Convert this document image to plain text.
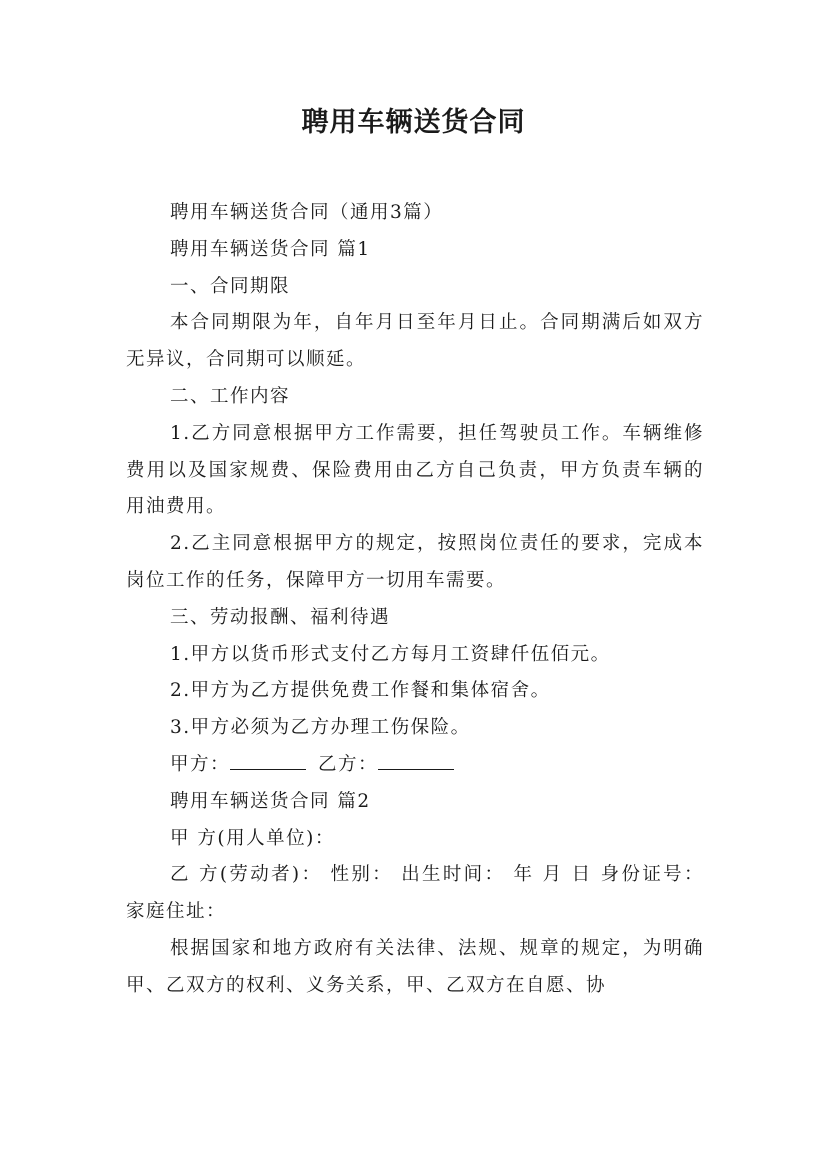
聘用车辆送货合同

聘用车辆送货合同（通用3篇）

聘用车辆送货合同 篇1

一、合同期限

本合同期限为年，自年月日至年月日止。合同期满后如双方无异议，合同期可以顺延。

二、工作内容

1.乙方同意根据甲方工作需要，担任驾驶员工作。车辆维修费用以及国家规费、保险费用由乙方自己负责，甲方负责车辆的用油费用。

2.乙主同意根据甲方的规定，按照岗位责任的要求，完成本岗位工作的任务，保障甲方一切用车需要。

三、劳动报酬、福利待遇

1.甲方以货币形式支付乙方每月工资肆仟伍佰元。

2.甲方为乙方提供免费工作餐和集体宿舍。

3.甲方必须为乙方办理工伤保险。

甲方：	乙方：

聘用车辆送货合同 篇2

甲 方(用人单位)：

乙 方(劳动者)： 性别： 出生时间： 年 月 日 身份证号： 家庭住址：

根据国家和地方政府有关法律、法规、规章的规定，为明确甲、乙双方的权利、义务关系，甲、乙双方在自愿、协
